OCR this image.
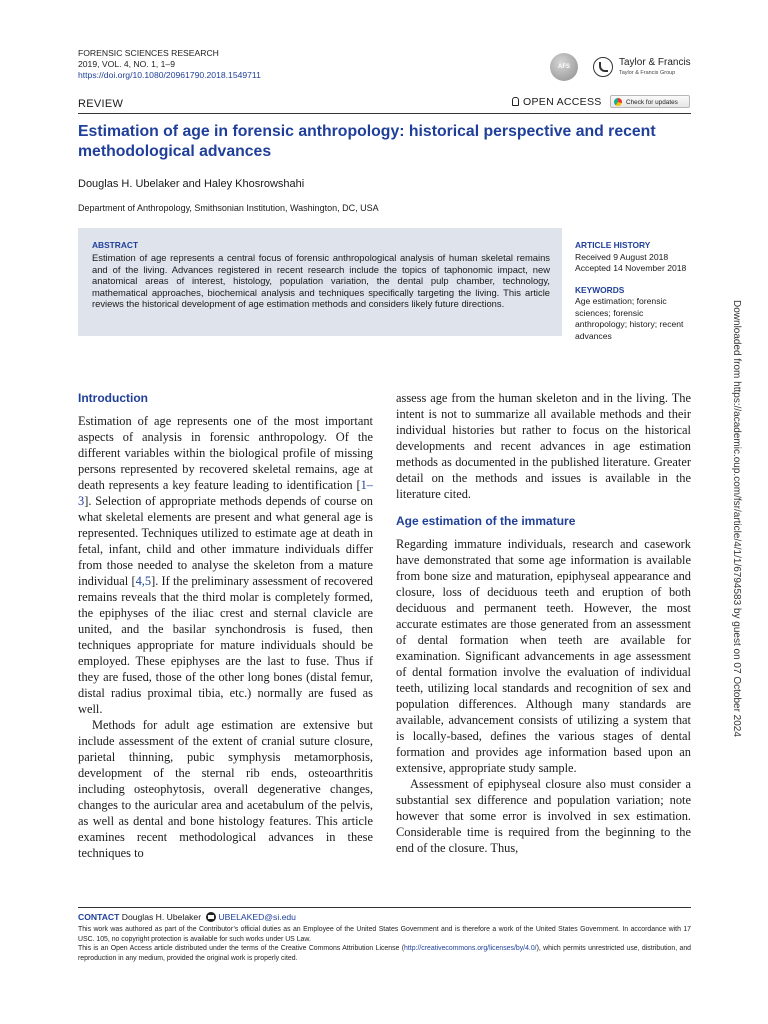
FORENSIC SCIENCES RESEARCH
2019, VOL. 4, NO. 1, 1–9
https://doi.org/10.1080/20961790.2018.1549711
AFS	Taylor & Francis
Taylor & Francis Group
REVIEW	OPEN ACCESS	Check for updates
Estimation of age in forensic anthropology: historical perspective and recent methodological advances
Douglas H. Ubelaker and Haley Khosrowshahi
Department of Anthropology, Smithsonian Institution, Washington, DC, USA
ABSTRACT
Estimation of age represents a central focus of forensic anthropological analysis of human skeletal remains and of the living. Advances registered in recent research include the topics of taphonomic impact, new anatomical areas of interest, histology, population variation, the dental pulp chamber, technology, mathematical approaches, biochemical analysis and techniques specifically targeting the living. This article reviews the historical development of age estimation methods and considers likely future directions.
ARTICLE HISTORY
Received 9 August 2018
Accepted 14 November 2018
KEYWORDS
Age estimation; forensic sciences; forensic anthropology; history; recent advances	Downloaded from https://academic.oup.com/fsr/article/4/1/1/6794583 by guest on 07 October 2024
Introduction

Estimation of age represents one of the most important aspects of analysis in forensic anthropology. Of the different variables within the biological profile of missing persons represented by recovered skeletal remains, age at death represents a key feature leading to identification [1–3]. Selection of appropriate methods depends of course on what skeletal elements are present and what general age is represented. Techniques utilized to estimate age at death in fetal, infant, child and other immature individuals differ from those needed to analyse the skeleton from a mature individual [4,5]. If the preliminary assessment of recovered remains reveals that the third molar is completely formed, the epiphyses of the iliac crest and sternal clavicle are united, and the basilar synchondrosis is fused, then techniques appropriate for mature individuals should be employed. These epiphyses are the last to fuse. Thus if they are fused, those of the other long bones (distal femur, distal radius proximal tibia, etc.) normally are fused as well.

Methods for adult age estimation are extensive but include assessment of the extent of cranial suture closure, parietal thinning, pubic symphysis metamorphosis, development of the sternal rib ends, osteoarthritis including osteophytosis, overall degenerative changes, changes to the auricular area and acetabulum of the pelvis, as well as dental and bone histology features. This article examines recent methodological advances in these techniques to

assess age from the human skeleton and in the living. The intent is not to summarize all available methods and their individual histories but rather to focus on the historical developments and recent advances in age estimation methods as documented in the published literature. Greater detail on the methods and issues is available in the literature cited.

Age estimation of the immature

Regarding immature individuals, research and casework have demonstrated that some age information is available from bone size and maturation, epiphyseal appearance and closure, loss of deciduous teeth and eruption of both deciduous and permanent teeth. However, the most accurate estimates are those generated from an assessment of dental formation when teeth are available for examination. Significant advancements in age assessment of dental formation involve the evaluation of individual teeth, utilizing local standards and recognition of sex and population differences. Although many standards are available, advancement consists of utilizing a system that is locally-based, defines the various stages of dental formation and provides age information based upon an extensive, appropriate study sample.

Assessment of epiphyseal closure also must consider a substantial sex difference and population variation; note however that some error is involved in sex estimation. Considerable time is required from the beginning to the end of the closure. Thus,

CONTACT Douglas H. Ubelaker UBELAKED@si.edu

This work was authored as part of the Contributor’s official duties as an Employee of the United States Government and is therefore a work of the United States Government. In accordance with 17 USC. 105, no copyright protection is available for such works under US Law.

This is an Open Access article distributed under the terms of the Creative Commons Attribution License (http://creativecommons.org/licenses/by/4.0/), which permits unrestricted use, distribution, and reproduction in any medium, provided the original work is properly cited.
